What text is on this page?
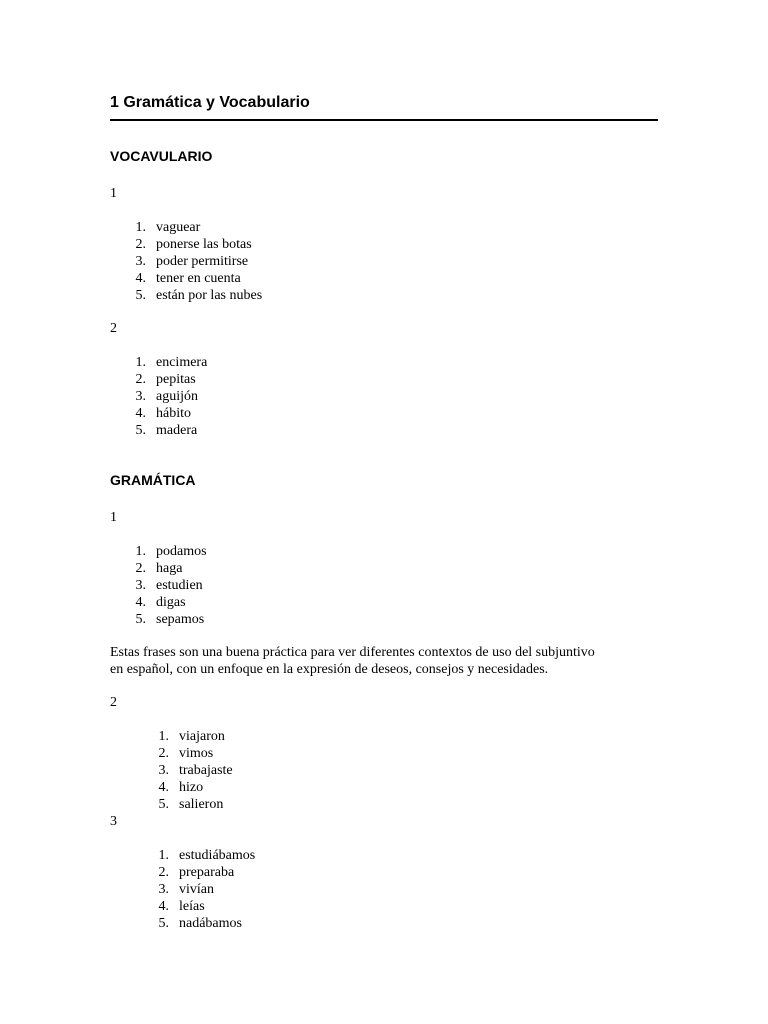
1 Gramática y Vocabulario
VOCAVULARIO

1

1. vaguear
2. ponerse las botas
3. poder permitirse
4. tener en cuenta
5. están por las nubes

2

1. encimera
2. pepitas
3. aguijón
4. hábito
5. madera
GRAMÁTICA

1

1. podamos
2. haga
3. estudien
4. digas
5. sepamos

Estas frases son una buena práctica para ver diferentes contextos de uso del subjuntivo
en español, con un enfoque en la expresión de deseos, consejos y necesidades.

2

1. viajaron
2. vimos
3. trabajaste
4. hizo
5. salieron

3

1. estudiábamos
2. preparaba
3. vivían
4. leías
5. nadábamos
